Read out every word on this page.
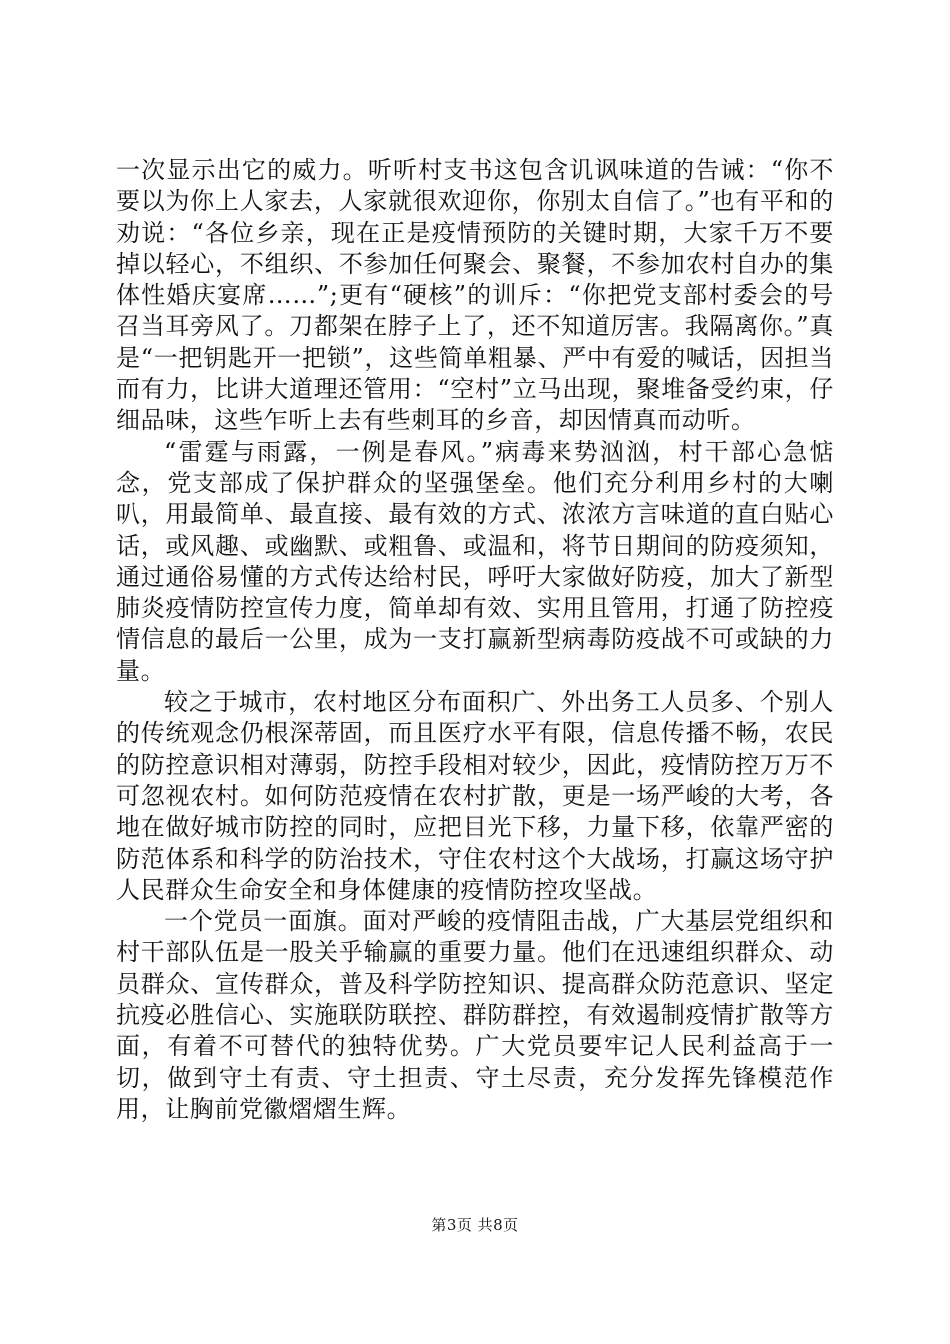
一次显示出它的威力。听听村支书这包含讥讽味道的告诫：“你不要以为你上人家去，人家就很欢迎你，你别太自信了。”也有平和的劝说：“各位乡亲，现在正是疫情预防的关键时期，大家千万不要掉以轻心，不组织、不参加任何聚会、聚餐，不参加农村自办的集体性婚庆宴席……”;更有“硬核”的训斥：“你把党支部村委会的号召当耳旁风了。刀都架在脖子上了，还不知道厉害。我隔离你。”真是“一把钥匙开一把锁”，这些简单粗暴、严中有爱的喊话，因担当而有力，比讲大道理还管用：“空村”立马出现，聚堆备受约束，仔细品味，这些乍听上去有些刺耳的乡音，却因情真而动听。

“雷霆与雨露，一例是春风。”病毒来势汹汹，村干部心急惦念，党支部成了保护群众的坚强堡垒。他们充分利用乡村的大喇叭，用最简单、最直接、最有效的方式、浓浓方言味道的直白贴心话，或风趣、或幽默、或粗鲁、或温和，将节日期间的防疫须知，通过通俗易懂的方式传达给村民，呼吁大家做好防疫，加大了新型肺炎疫情防控宣传力度，简单却有效、实用且管用，打通了防控疫情信息的最后一公里，成为一支打赢新型病毒防疫战不可或缺的力量。

较之于城市，农村地区分布面积广、外出务工人员多、个别人的传统观念仍根深蒂固，而且医疗水平有限，信息传播不畅，农民的防控意识相对薄弱，防控手段相对较少，因此，疫情防控万万不可忽视农村。如何防范疫情在农村扩散，更是一场严峻的大考，各地在做好城市防控的同时，应把目光下移，力量下移，依靠严密的防范体系和科学的防治技术，守住农村这个大战场，打赢这场守护人民群众生命安全和身体健康的疫情防控攻坚战。

一个党员一面旗。面对严峻的疫情阻击战，广大基层党组织和村干部队伍是一股关乎输赢的重要力量。他们在迅速组织群众、动员群众、宣传群众，普及科学防控知识、提高群众防范意识、坚定抗疫必胜信心、实施联防联控、群防群控，有效遏制疫情扩散等方面，有着不可替代的独特优势。广大党员要牢记人民利益高于一切，做到守土有责、守土担责、守土尽责，充分发挥先锋模范作用，让胸前党徽熠熠生辉。

第3页 共8页
